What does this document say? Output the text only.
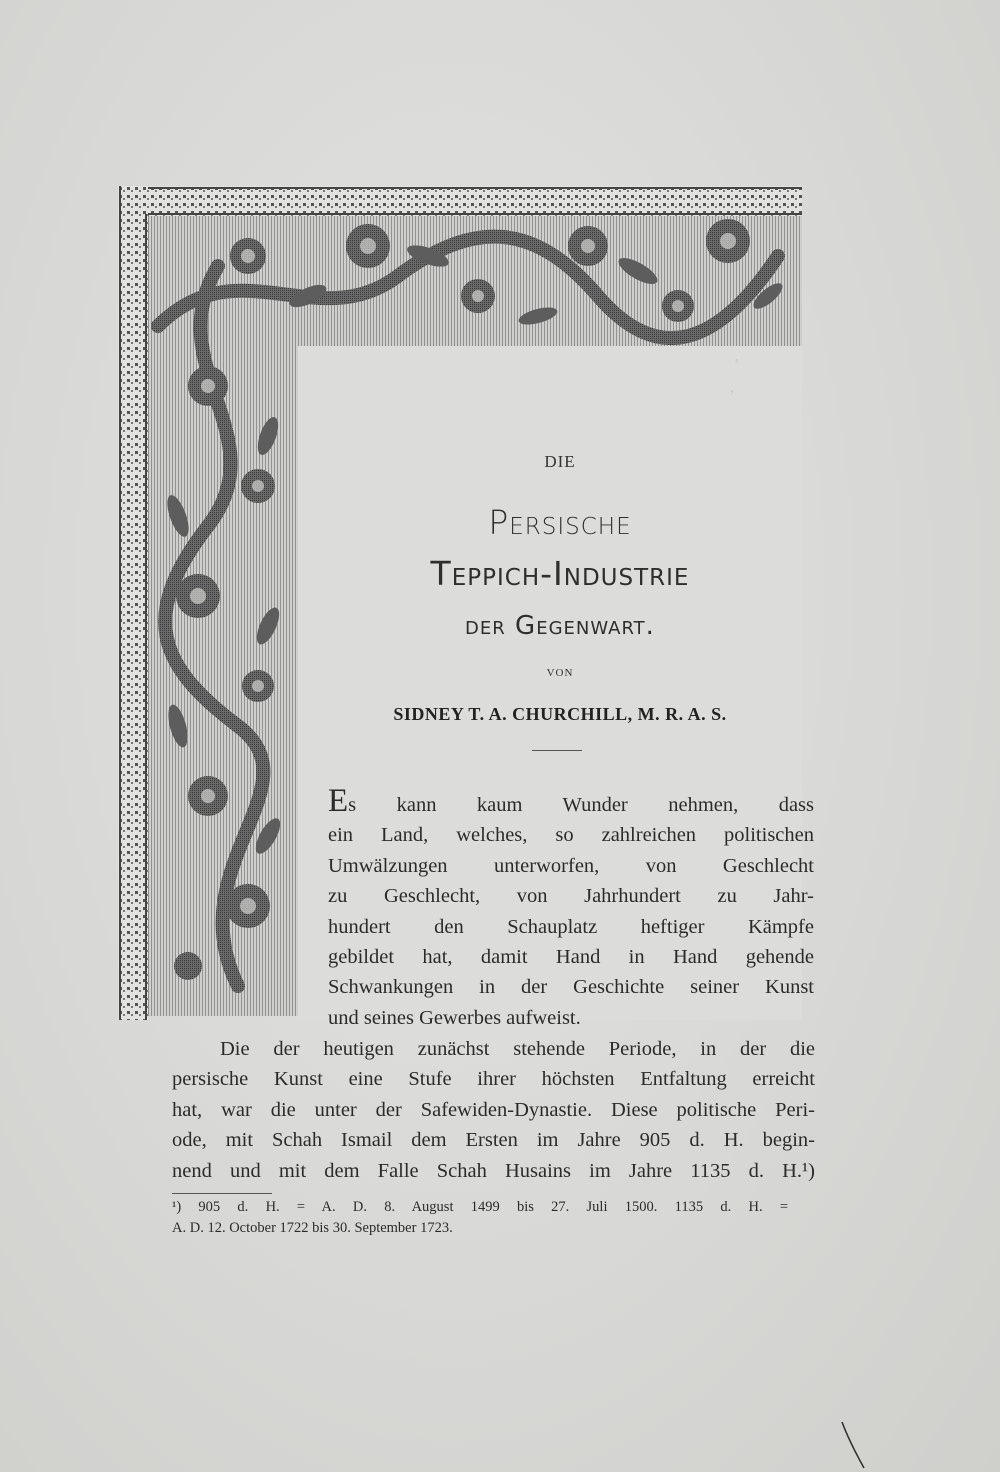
,
,

DIE
Persische
Teppich-Industrie
der Gegenwart.
VON
SIDNEY T. A. CHURCHILL, M. R. A. S.
Es kann kaum Wunder nehmen, dass
ein Land, welches, so zahlreichen politischen
Umwälzungen unterworfen, von Geschlecht
zu Geschlecht, von Jahrhundert zu Jahr-
hundert den Schauplatz heftiger Kämpfe
gebildet hat, damit Hand in Hand gehende
Schwankungen in der Geschichte seiner Kunst
und seines Gewerbes aufweist.
Die der heutigen zunächst stehende Periode, in der die
persische Kunst eine Stufe ihrer höchsten Entfaltung erreicht
hat, war die unter der Safewiden-Dynastie. Diese politische Peri-
ode, mit Schah Ismail dem Ersten im Jahre 905 d. H. begin-
nend und mit dem Falle Schah Husains im Jahre 1135 d. H.¹)
¹) 905 d. H. = A. D. 8. August 1499 bis 27. Juli 1500. 1135 d. H. =
A. D. 12. October 1722 bis 30. September 1723.
